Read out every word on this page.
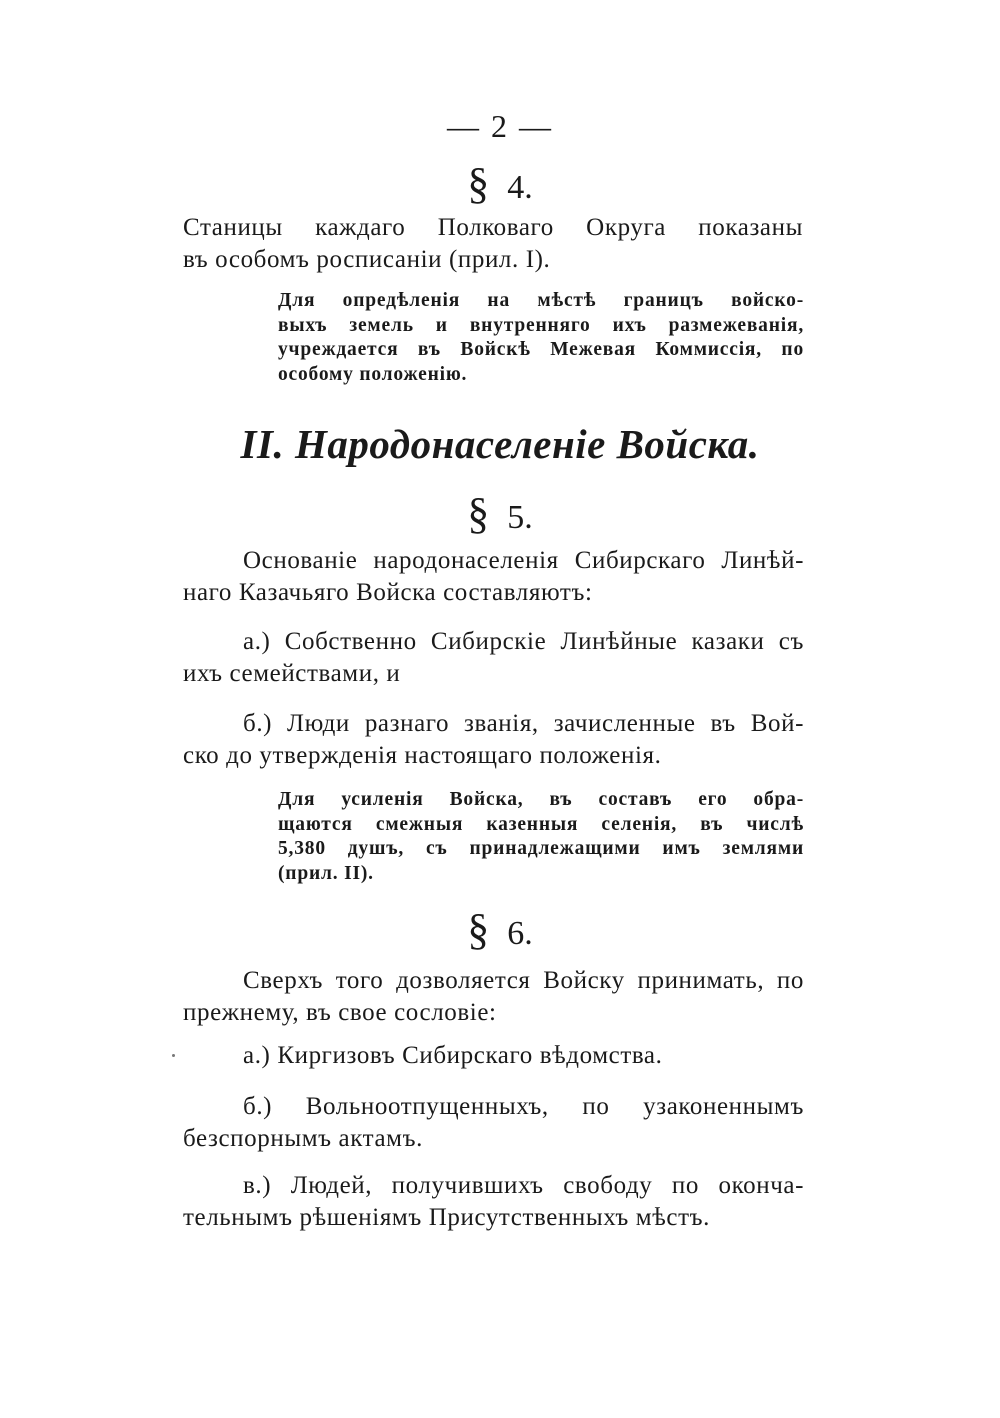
— 2 —
§ 4.
Станицы каждаго Полковаго Округа показаны
въ особомъ росписаніи (прил. I).
Для опредѣленія на мѣстѣ границъ войско-
выхъ земель и внутренняго ихъ размежеванія,
учреждается въ Войскѣ Межевая Коммиссія, по
особому положенію.
II. Народонаселеніе Войска.
§ 5.
Основаніе народонаселенія Сибирскаго Линѣй-
наго Казачьяго Войска составляютъ:
а.) Собственно Сибирскіе Линѣйные казаки съ
ихъ семействами, и
б.) Люди разнаго званія, зачисленные въ Вой-
ско до утвержденія настоящаго положенія.
Для усиленія Войска, въ составъ его обра-
щаются смежныя казенныя селенія, въ числѣ
5,380 душъ, съ принадлежащими имъ землями
(прил. II).
§ 6.
Сверхъ того дозволяется Войску принимать, по
прежнему, въ свое сословіе:
а.) Киргизовъ Сибирскаго вѣдомства.
б.) Вольноотпущенныхъ, по узаконеннымъ
безспорнымъ актамъ.
в.) Людей, получившихъ свободу по оконча-
тельнымъ рѣшеніямъ Присутственныхъ мѣстъ.
